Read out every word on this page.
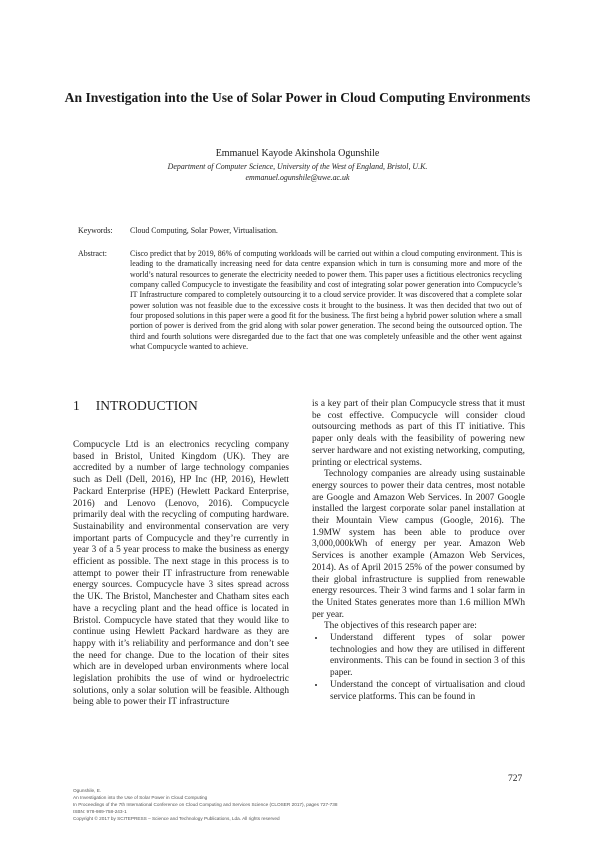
An Investigation into the Use of Solar Power in Cloud Computing Environments
Emmanuel Kayode Akinshola Ogunshile
Department of Computer Science, University of the West of England, Bristol, U.K.
emmanuel.ogunshile@uwe.ac.uk
Keywords: Cloud Computing, Solar Power, Virtualisation.
Abstract:	Cisco predict that by 2019, 86% of computing workloads will be carried out within a cloud computing environment. This is leading to the dramatically increasing need for data centre expansion which in turn is consuming more and more of the world’s natural resources to generate the electricity needed to power them. This paper uses a fictitious electronics recycling company called Compucycle to investigate the feasibility and cost of integrating solar power generation into Compucycle’s IT Infrastructure compared to completely outsourcing it to a cloud service provider. It was discovered that a complete solar power solution was not feasible due to the excessive costs it brought to the business. It was then decided that two out of four proposed solutions in this paper were a good fit for the business. The first being a hybrid power solution where a small portion of power is derived from the grid along with solar power generation. The second being the outsourced option. The third and fourth solutions were disregarded due to the fact that one was completely unfeasible and the other went against what Compucycle wanted to achieve.
1 INTRODUCTION

Compucycle Ltd is an electronics recycling company based in Bristol, United Kingdom (UK). They are accredited by a number of large technology companies such as Dell (Dell, 2016), HP Inc (HP, 2016), Hewlett Packard Enterprise (HPE) (Hewlett Packard Enterprise, 2016) and Lenovo (Lenovo, 2016). Compucycle primarily deal with the recycling of computing hardware. Sustainability and environmental conservation are very important parts of Compucycle and they’re currently in year 3 of a 5 year process to make the business as energy efficient as possible. The next stage in this process is to attempt to power their IT infrastructure from renewable energy sources. Compucycle have 3 sites spread across the UK. The Bristol, Manchester and Chatham sites each have a recycling plant and the head office is located in Bristol. Compucycle have stated that they would like to continue using Hewlett Packard hardware as they are happy with it’s reliability and performance and don’t see the need for change. Due to the location of their sites which are in developed urban environments where local legislation prohibits the use of wind or hydroelectric solutions, only a solar solution will be feasible. Although being able to power their IT infrastructure

is a key part of their plan Compucycle stress that it must be cost effective. Compucycle will consider cloud outsourcing methods as part of this IT initiative. This paper only deals with the feasibility of powering new server hardware and not existing networking, computing, printing or electrical systems.

Technology companies are already using sustainable energy sources to power their data centres, most notable are Google and Amazon Web Services. In 2007 Google installed the largest corporate solar panel installation at their Mountain View campus (Google, 2016). The 1.9MW system has been able to produce over 3,000,000kWh of energy per year. Amazon Web Services is another example (Amazon Web Services, 2014). As of April 2015 25% of the power consumed by their global infrastructure is supplied from renewable energy resources. Their 3 wind farms and 1 solar farm in the United States generates more than 1.6 million MWh per year.

The objectives of this research paper are:

• Understand different types of solar power technologies and how they are utilised in different environments. This can be found in section 3 of this paper.
• Understand the concept of virtualisation and cloud service platforms. This can be found in
727
Ogunshile, E.
An Investigation into the Use of Solar Power in Cloud Computing
In Proceedings of the 7th International Conference on Cloud Computing and Services Science (CLOSER 2017), pages 727-738
ISBN: 978-989-758-243-1
Copyright © 2017 by SCITEPRESS – Science and Technology Publications, Lda. All rights reserved
